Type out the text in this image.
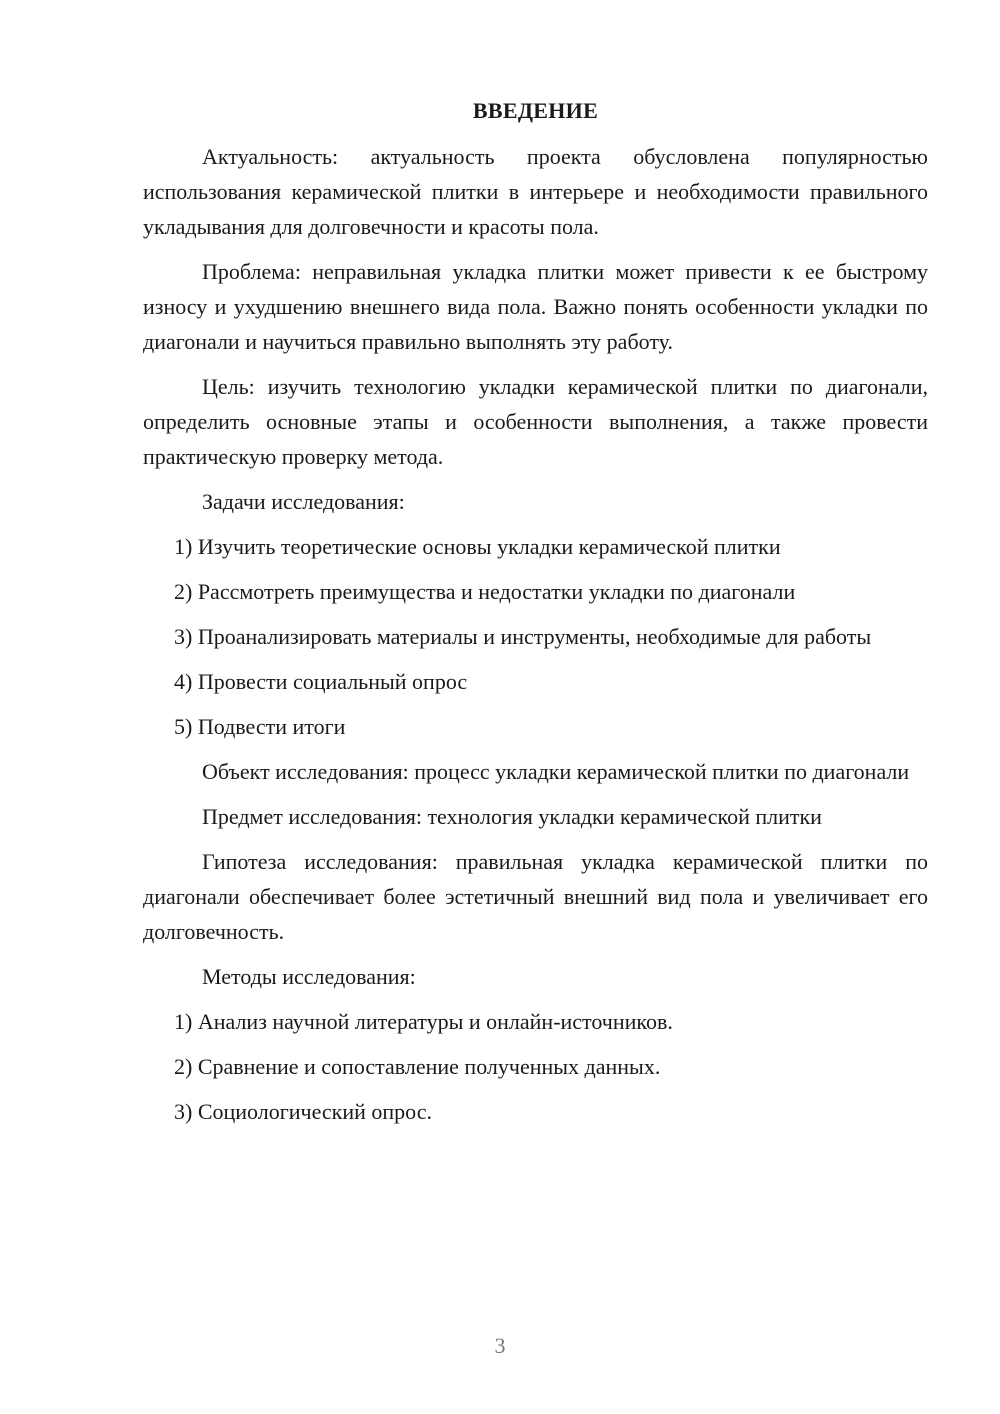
ВВЕДЕНИЕ

Актуальность: актуальность проекта обусловлена популярностью использования керамической плитки в интерьере и необходимости правильного укладывания для долговечности и красоты пола.

Проблема: неправильная укладка плитки может привести к ее быстрому износу и ухудшению внешнего вида пола. Важно понять особенности укладки по диагонали и научиться правильно выполнять эту работу.

Цель: изучить технологию укладки керамической плитки по диагонали, определить основные этапы и особенности выполнения, а также провести практическую проверку метода.

Задачи исследования:

1) Изучить теоретические основы укладки керамической плитки

2) Рассмотреть преимущества и недостатки укладки по диагонали

3) Проанализировать материалы и инструменты, необходимые для работы

4) Провести социальный опрос

5) Подвести итоги

Объект исследования: процесс укладки керамической плитки по диагонали

Предмет исследования: технология укладки керамической плитки

Гипотеза исследования: правильная укладка керамической плитки по диагонали обеспечивает более эстетичный внешний вид пола и увеличивает его долговечность.

Методы исследования:

1) Анализ научной литературы и онлайн-источников.

2) Сравнение и сопоставление полученных данных.

3) Социологический опрос.

3
